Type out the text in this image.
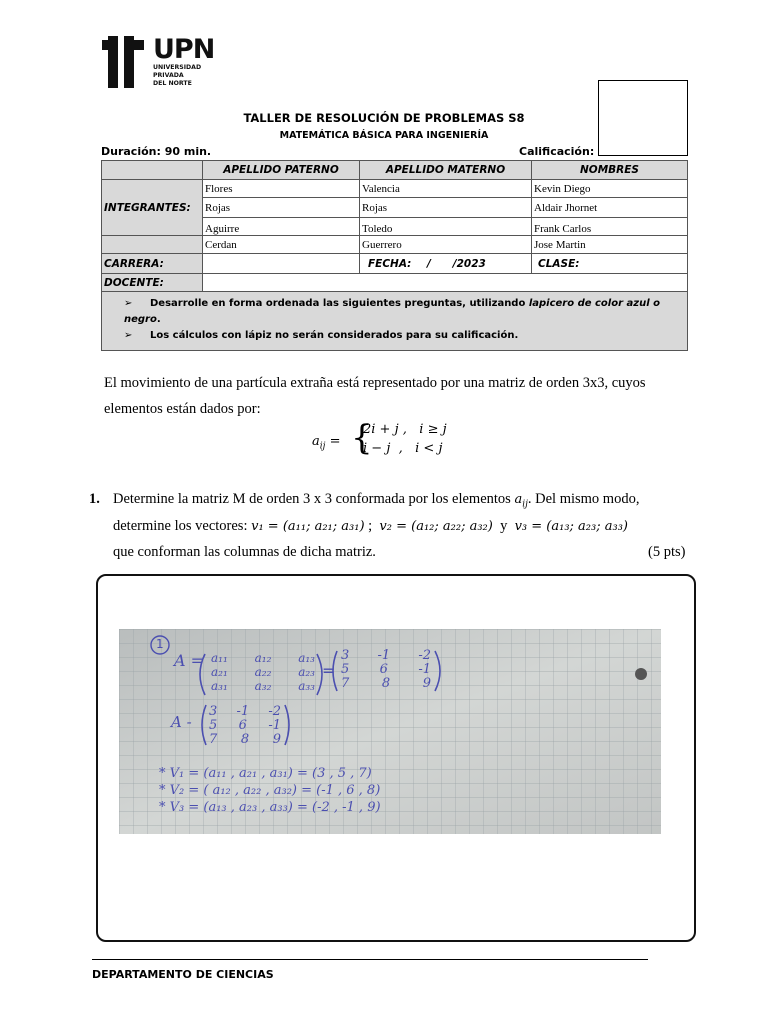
UPN
UNIVERSIDAD
PRIVADA
DEL NORTE
TALLER DE RESOLUCIÓN DE PROBLEMAS S8
MATEMÁTICA BÁSICA PARA INGENIERÍA
Duración: 90 min.	Calificación:
	APELLIDO PATERNO	APELLIDO MATERNO	NOMBRES
INTEGRANTES:	Flores	Valencia	Kevin Diego
	Rojas	Rojas	Aldair Jhornet
	Aguirre	Toledo	Frank Carlos
	Cerdan	Guerrero	Jose Martin
CARRERA:		FECHA: /      /2023	CLASE:
DOCENTE:			

➢ Desarrolle en forma ordenada las siguientes preguntas, utilizando lapicero de color azul o negro.
➢ Los cálculos con lápiz no serán considerados para su calificación.			
El movimiento de una partícula extraña está representado por una matriz de orden 3x3, cuyos
elementos están dados por:
$a_{ij}$ = {
2i + j ,   i ≥ j
i − j  ,   i < j
1. Determine la matriz M de orden 3 x 3 conformada por los elementos $a_{ij}$. Del mismo modo,
determine los vectores: v₁ = (a₁₁; a₂₁; a₃₁) ;  v₂ = (a₁₂; a₂₂; a₃₂)  y  v₃ = (a₁₃; a₂₃; a₃₃)
que conforman las columnas de dicha matriz.	(5 pts)
1
A = a₁₁ a₁₂ a₁₃
a₂₁ a₂₂ a₂₃
a₃₁ a₃₂ a₃₃
=
3 -1 -2
5 6 -1
7	8	9
A -
3 -1 -2
5 6 -1
7 8 9
* V₁ = (a₁₁ , a₂₁ , a₃₁) = (3 , 5 , 7)
* V₂ = ( a₁₂ , a₂₂ , a₃₂) = (-1 , 6 , 8)
* V₃ = (a₁₃ , a₂₃ , a₃₃) = (-2 , -1 , 9)
DEPARTAMENTO DE CIENCIAS
